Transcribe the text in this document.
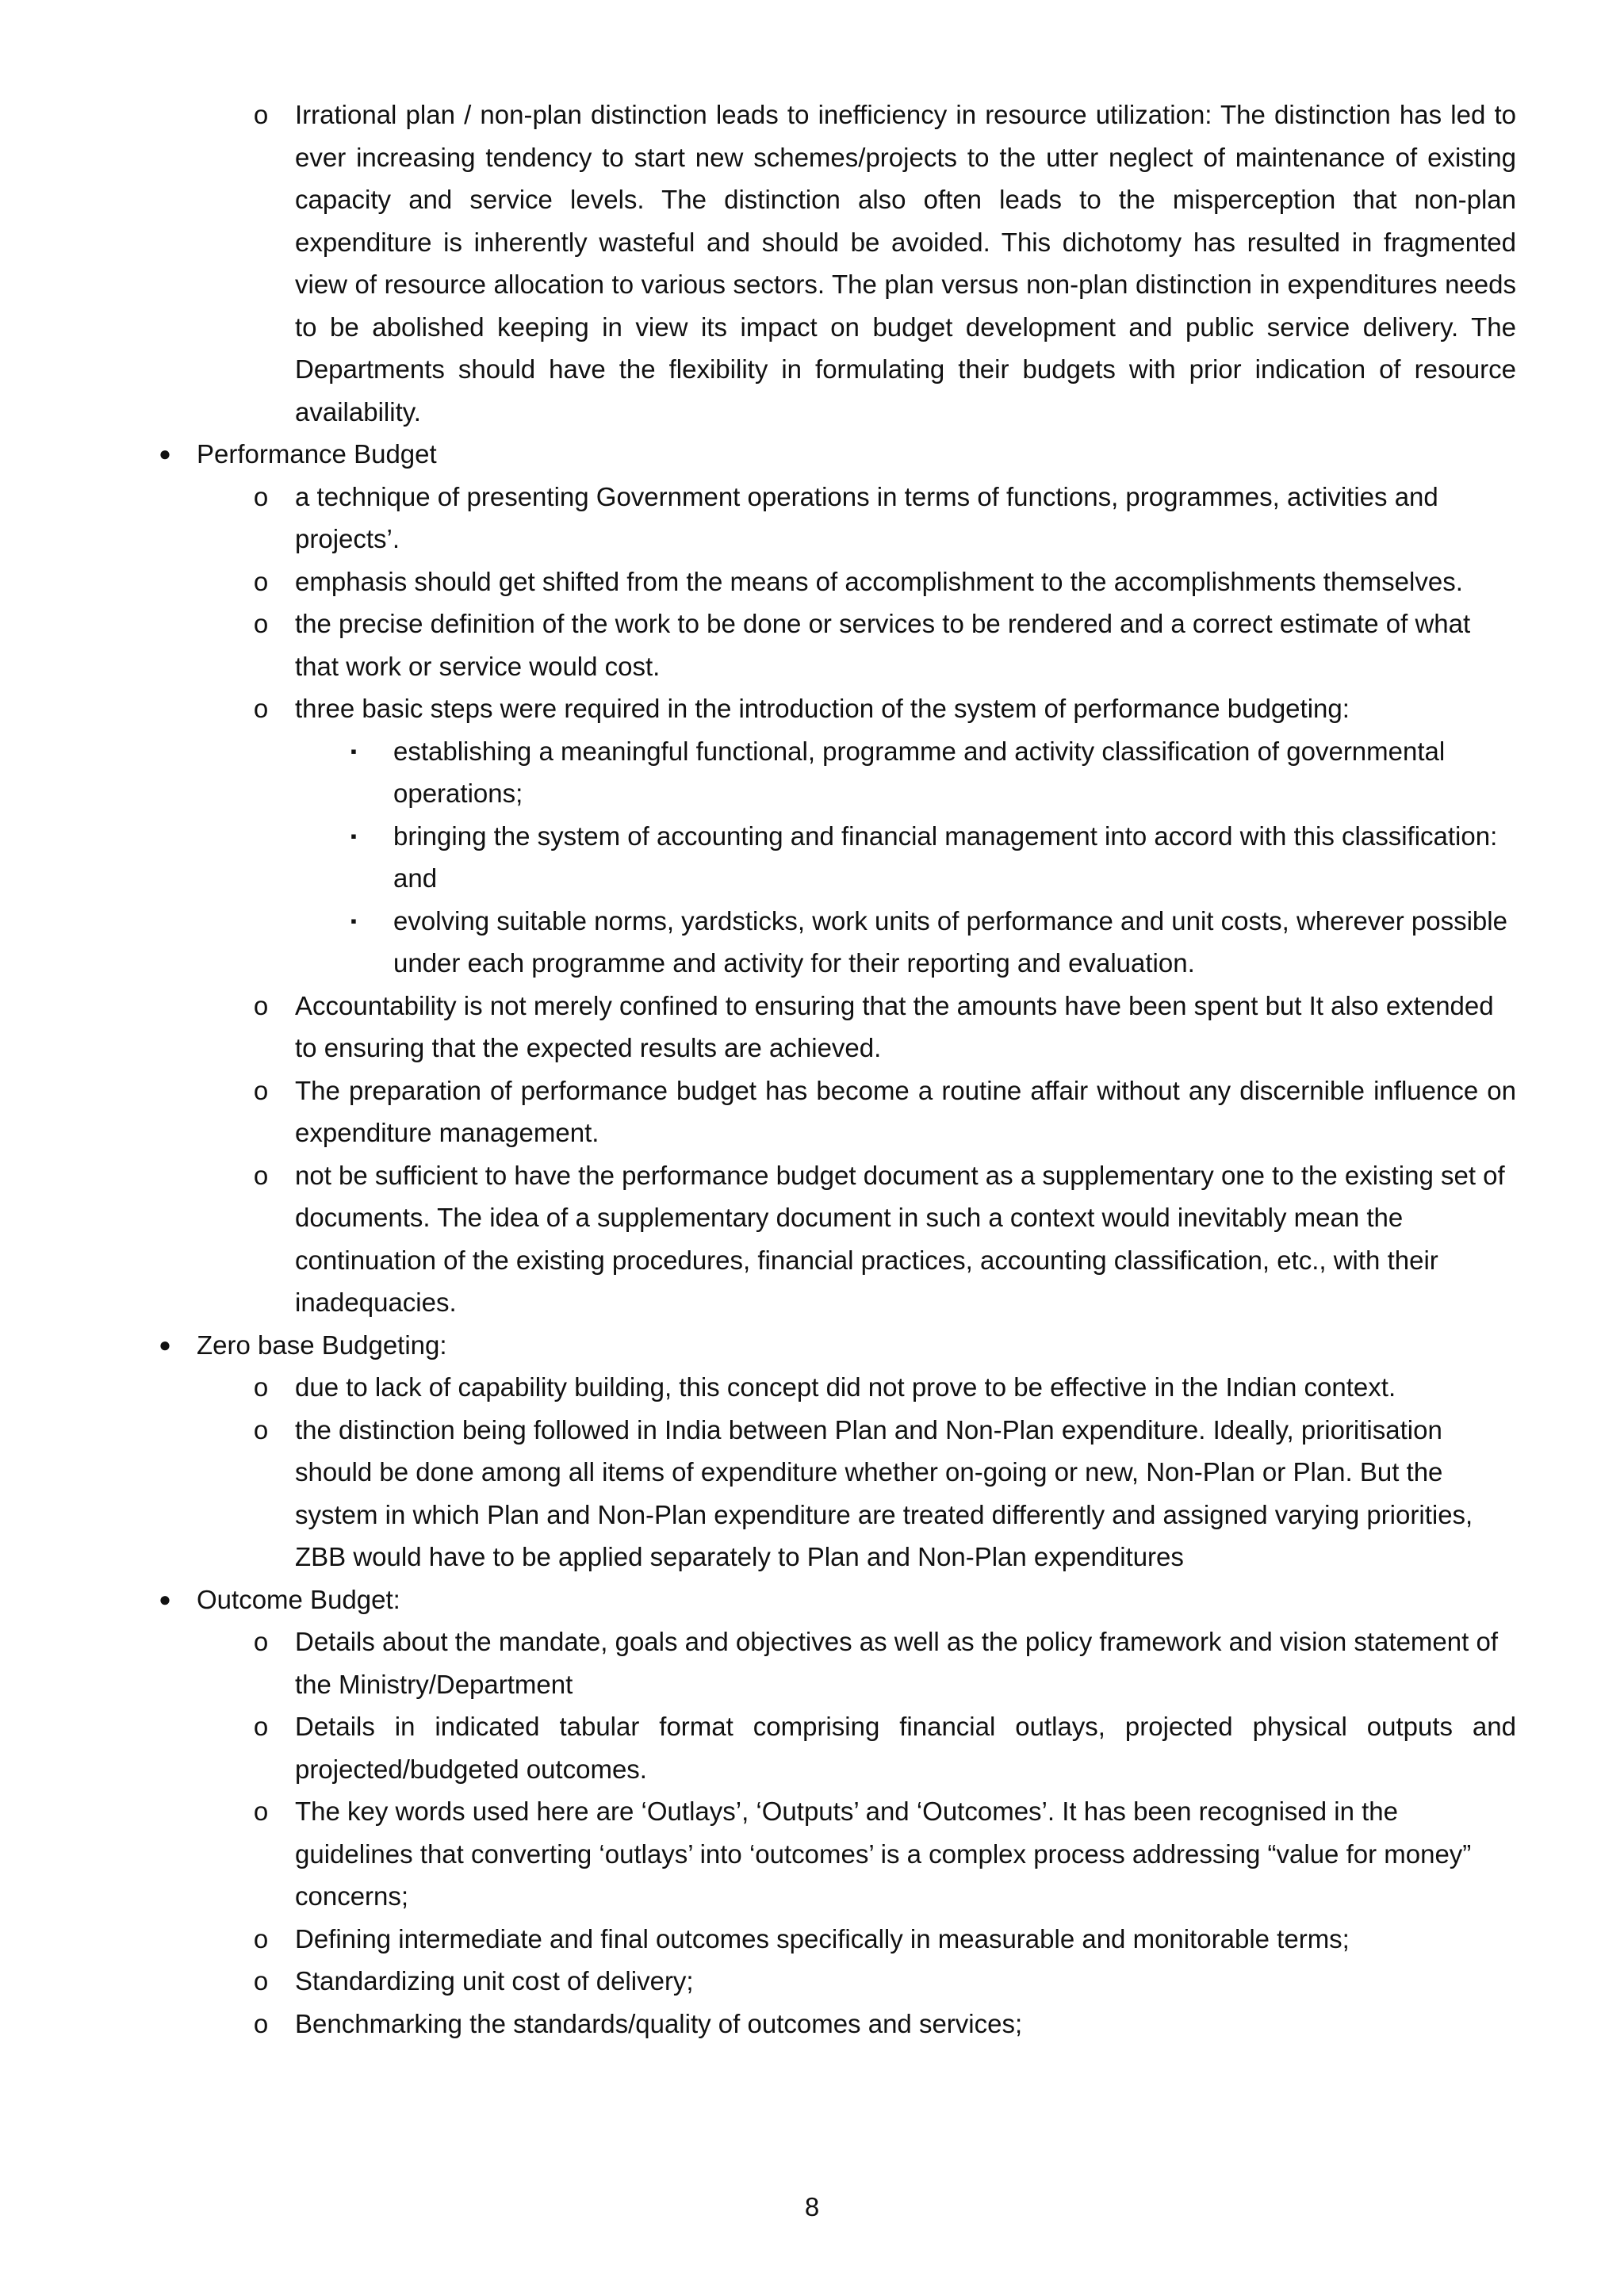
o	Irrational plan / non-plan distinction leads to inefficiency in resource utilization: The distinction has led to ever increasing tendency to start new schemes/projects to the utter neglect of maintenance of existing capacity and service levels. The distinction also often leads to the misperception that non-plan expenditure is inherently wasteful and should be avoided. This dichotomy has resulted in fragmented view of resource allocation to various sectors. The plan versus non-plan distinction in expenditures needs to be abolished keeping in view its impact on budget development and public service delivery. The Departments should have the flexibility in formulating their budgets with prior indication of resource availability.
● Performance Budget
o	a technique of presenting Government operations in terms of functions, programmes, activities and projects’.
o	emphasis should get shifted from the means of accomplishment to the accomplishments themselves.
o	the precise definition of the work to be done or services to be rendered and a correct estimate of what that work or service would cost.
o	three basic steps were required in the introduction of the system of performance budgeting:
▪	establishing a meaningful functional, programme and activity classification of governmental operations;
▪	bringing the system of accounting and financial management into accord with this classification: and
▪	evolving suitable norms, yardsticks, work units of performance and unit costs, wherever possible under each programme and activity for their reporting and evaluation.
o	Accountability is not merely confined to ensuring that the amounts have been spent but It also extended to ensuring that the expected results are achieved.
o	The preparation of performance budget has become a routine affair without any discernible influence on expenditure management.
o	not be sufficient to have the performance budget document as a supplementary one to the existing set of documents. The idea of a supplementary document in such a context would inevitably mean the continuation of the existing procedures, financial practices, accounting classification, etc., with their inadequacies.
● Zero base Budgeting:
o	due to lack of capability building, this concept did not prove to be effective in the Indian context.
o	the distinction being followed in India between Plan and Non-Plan expenditure. Ideally, prioritisation should be done among all items of expenditure whether on-going or new, Non-Plan or Plan. But the system in which Plan and Non-Plan expenditure are treated differently and assigned varying priorities, ZBB would have to be applied separately to Plan and Non-Plan expenditures
● Outcome Budget:
o	Details about the mandate, goals and objectives as well as the policy framework and vision statement of the Ministry/Department
o	Details in indicated tabular format comprising financial outlays, projected physical outputs and projected/budgeted outcomes.
o	The key words used here are ‘Outlays’, ‘Outputs’ and ‘Outcomes’. It has been recognised in the guidelines that converting ‘outlays’ into ‘outcomes’ is a complex process addressing “value for money” concerns;
o	Defining intermediate and final outcomes specifically in measurable and monitorable terms;
o	Standardizing unit cost of delivery;
o	Benchmarking the standards/quality of outcomes and services;
8
